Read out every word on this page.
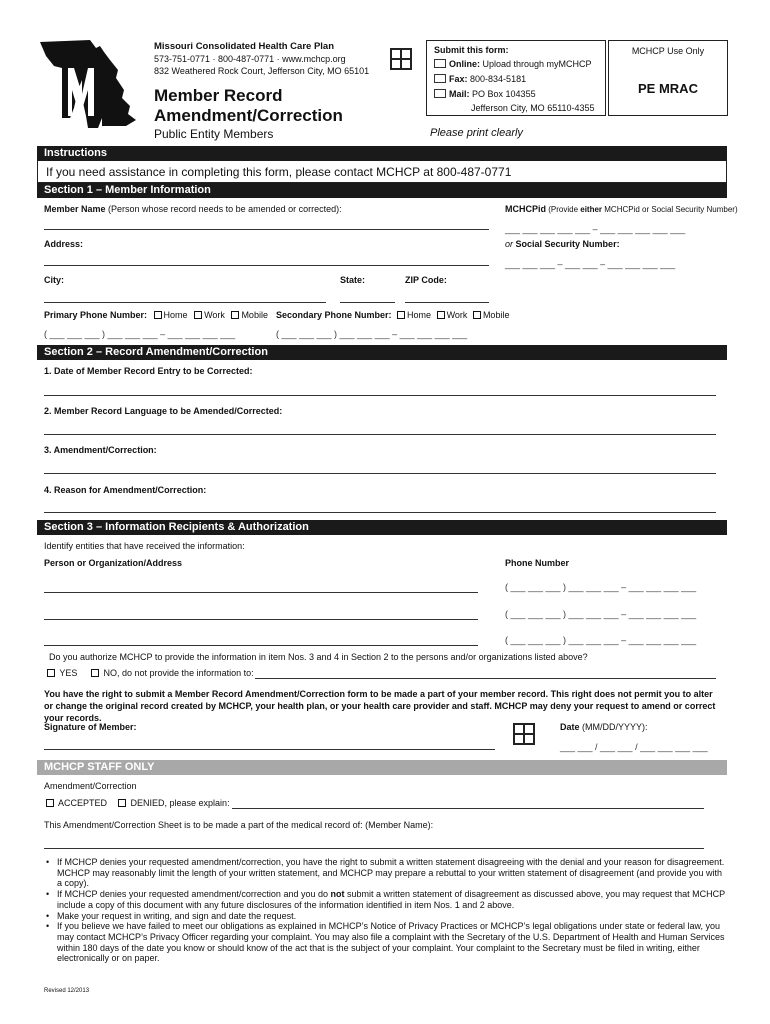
Missouri Consolidated Health Care Plan
573-751-0771 · 800-487-0771 · www.mchcp.org
832 Weathered Rock Court, Jefferson City, MO 65101
Member Record
Amendment/Correction
Public Entity Members
Submit this form:
Online: Upload through myMCHCP
Fax: 800-834-5181
Mail: PO Box 104355
Jefferson City, MO 65110-4355
MCHCP Use Only
PE MRAC
Please print clearly
Instructions
If you need assistance in completing this form, please contact MCHCP at 800-487-0771
Section 1 – Member Information
Member Name (Person whose record needs to be amended or corrected):	MCHCPid (Provide either MCHCPid or Social Security Number)
___ ___ ___ ___ ___ – ___ ___ ___ ___ ___
Address:	or Social Security Number:
___ ___ ___ – ___ ___ – ___ ___ ___ ___
City:	State:	ZIP Code:
Primary Phone Number: Home Work Mobile Secondary Phone Number: Home Work Mobile
( ___ ___ ___ ) ___ ___ ___ – ___ ___ ___ ___	( ___ ___ ___ ) ___ ___ ___ – ___ ___ ___ ___
Section 2 – Record Amendment/Correction
1. Date of Member Record Entry to be Corrected:
2. Member Record Language to be Amended/Corrected:
3. Amendment/Correction:
4. Reason for Amendment/Correction:
Section 3 – Information Recipients & Authorization
Identify entities that have received the information:
Person or Organization/Address	Phone Number
( ___ ___ ___ ) ___ ___ ___ – ___ ___ ___ ___
( ___ ___ ___ ) ___ ___ ___ – ___ ___ ___ ___
( ___ ___ ___ ) ___ ___ ___ – ___ ___ ___ ___
Do you authorize MCHCP to provide the information in item Nos. 3 and 4 in Section 2 to the persons and/or organizations listed above?
YES	NO, do not provide the information to:
You have the right to submit a Member Record Amendment/Correction form to be made a part of your member record. This right does not permit you to alter or change the original record created by MCHCP, your health plan, or your health care provider and staff. MCHCP may deny your request to amend or correct your records.
Signature of Member:	Date (MM/DD/YYYY):
___ ___ / ___ ___ / ___ ___ ___ ___
MCHCP STAFF ONLY
Amendment/Correction
ACCEPTED	DENIED, please explain:
This Amendment/Correction Sheet is to be made a part of the medical record of: (Member Name):
• If MCHCP denies your requested amendment/correction, you have the right to submit a written statement disagreeing with the denial and your reason for disagreement. MCHCP may reasonably limit the length of your written statement, and MCHCP may prepare a rebuttal to your written statement of disagreement (and provide you with a copy).
• If MCHCP denies your requested amendment/correction and you do not submit a written statement of disagreement as discussed above, you may request that MCHCP include a copy of this document with any future disclosures of the information identified in item Nos. 1 and 2 above.
• Make your request in writing, and sign and date the request.
• If you believe we have failed to meet our obligations as explained in MCHCP’s Notice of Privacy Practices or MCHCP’s legal obligations under state or federal law, you may contact MCHCP’s Privacy Officer regarding your complaint. You may also file a complaint with the Secretary of the U.S. Department of Health and Human Services within 180 days of the date you know or should know of the act that is the subject of your complaint. Your complaint to the Secretary must be filed in writing, either electronically or on paper.
Revised 12/2013
